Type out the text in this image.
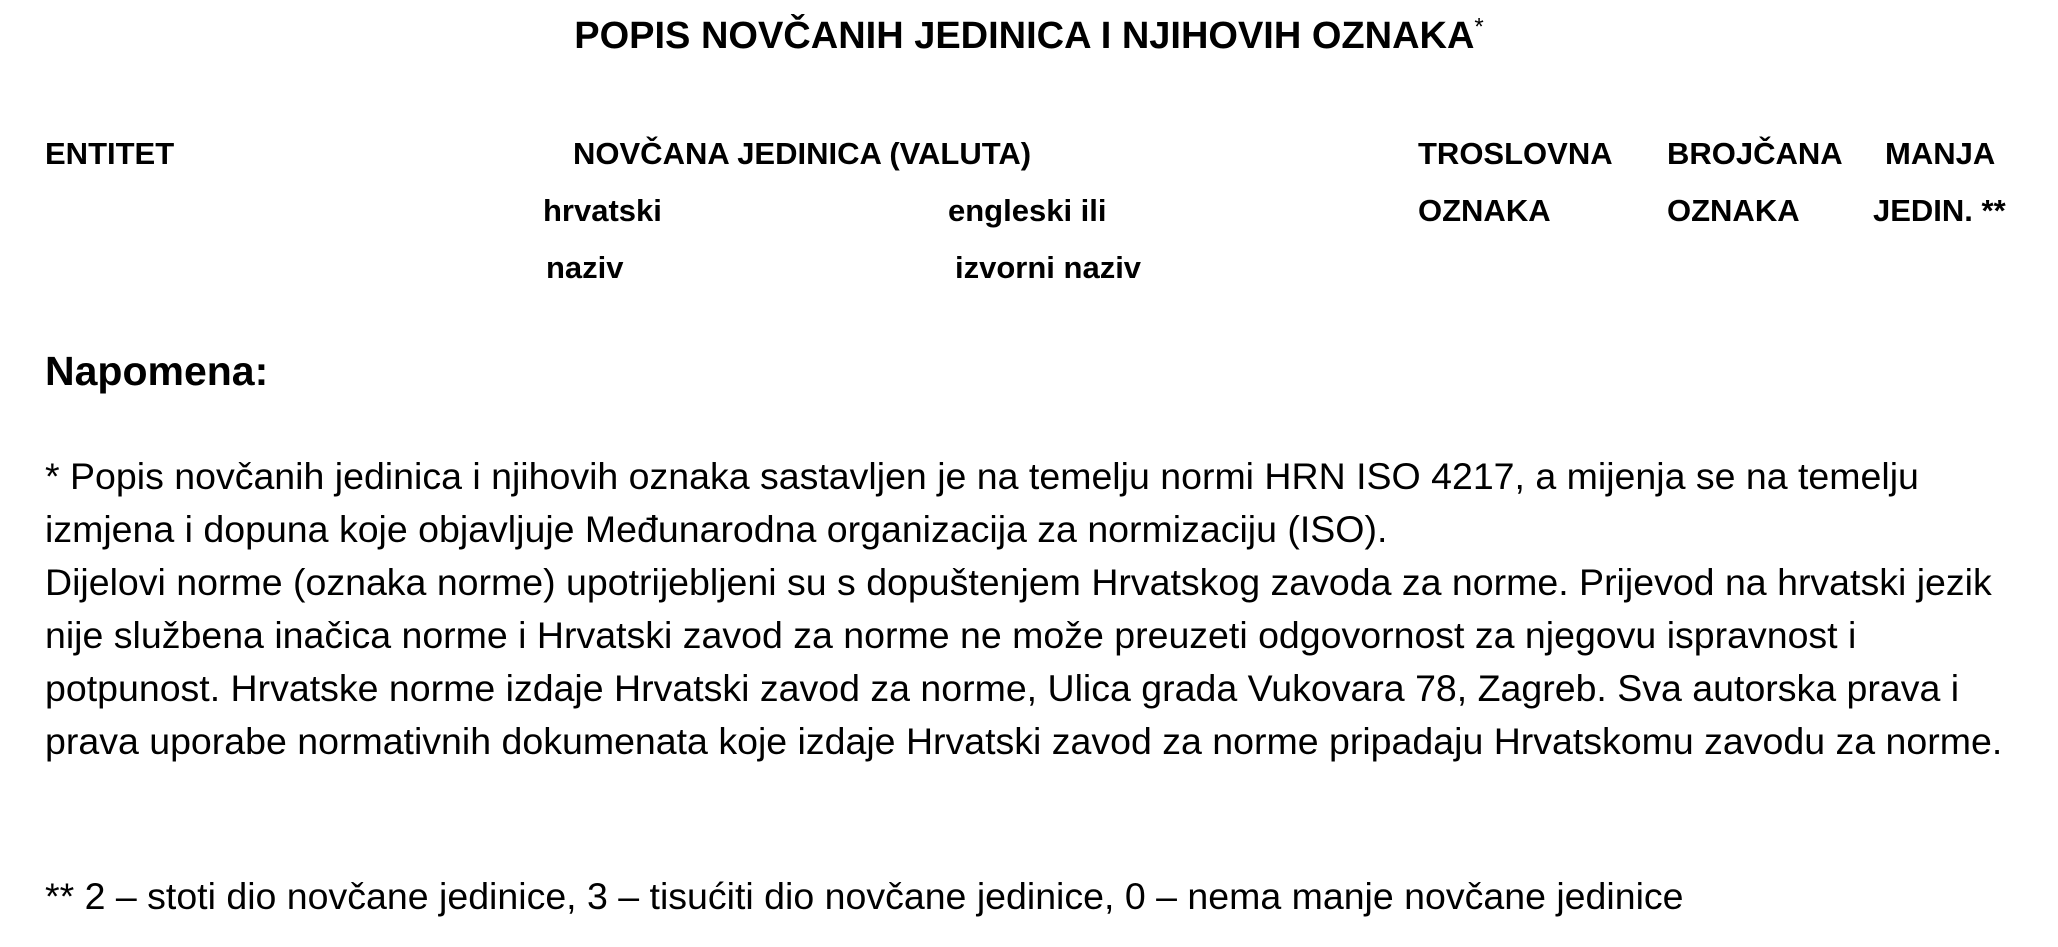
POPIS NOVČANIH JEDINICA I NJIHOVIH OZNAKA*
ENTITET	NOVČANA JEDINICA (VALUTA)
hrvatski
naziv
engleski ili
izvorni naziv
TROSLOVNA
OZNAKA
BROJČANA
OZNAKA
MANJA
JEDIN. **
Napomena:
* Popis novčanih jedinica i njihovih oznaka sastavljen je na temelju normi HRN ISO 4217, a mijenja se na temelju izmjena i dopuna koje objavljuje Međunarodna organizacija za normizaciju (ISO).
Dijelovi norme (oznaka norme) upotrijebljeni su s dopuštenjem Hrvatskog zavoda za norme. Prijevod na hrvatski jezik nije službena inačica norme i Hrvatski zavod za norme ne može preuzeti odgovornost za njegovu ispravnost i potpunost. Hrvatske norme izdaje Hrvatski zavod za norme, Ulica grada Vukovara 78, Zagreb. Sva autorska prava i prava uporabe normativnih dokumenata koje izdaje Hrvatski zavod za norme pripadaju Hrvatskomu zavodu za norme.
** 2 – stoti dio novčane jedinice, 3 – tisućiti dio novčane jedinice, 0 – nema manje novčane jedinice
